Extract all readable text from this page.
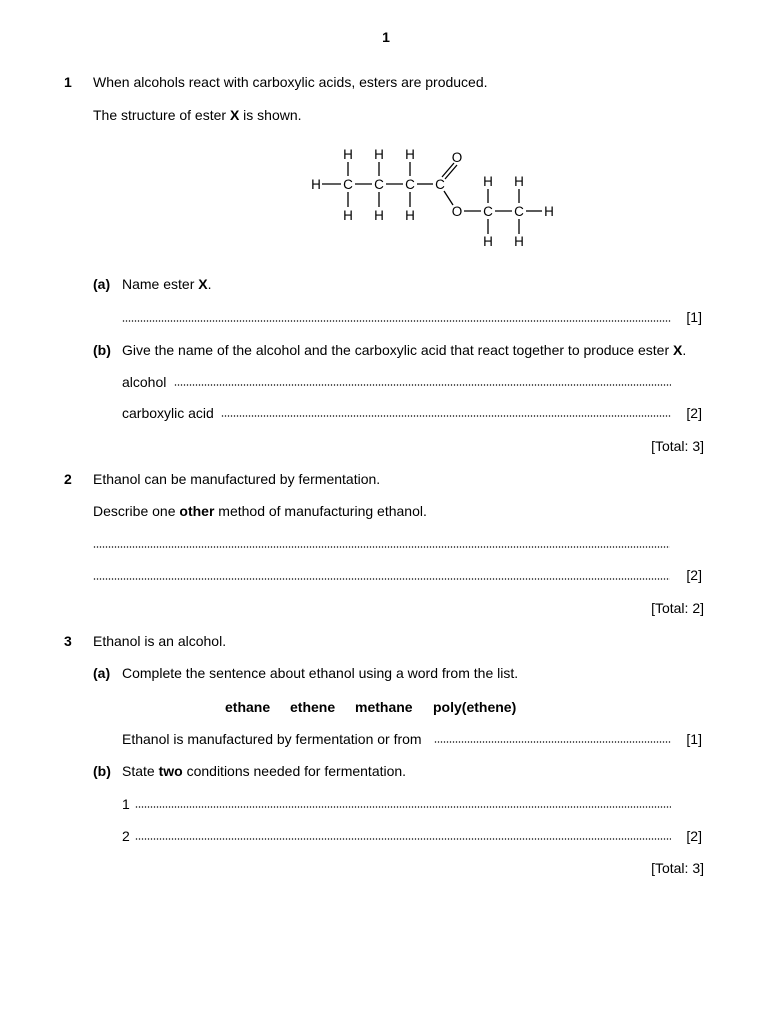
1
1 When alcohols react with carboxylic acids, esters are produced.
The structure of ester X is shown.
H H H	O
H C C C C
H H H
H H
O C C H
H H
(a) Name ester X.
[1]
(b) Give the name of the alcohol and the carboxylic acid that react together to produce ester X.
alcohol
carboxylic acid	[2]
[Total: 3]
2 Ethanol can be manufactured by fermentation.
Describe one other method of manufacturing ethanol.
[2]
[Total: 2]
3 Ethanol is an alcohol.
(a) Complete the sentence about ethanol using a word from the list.
ethane ethene methane poly(ethene)
Ethanol is manufactured by fermentation or from	[1]
(b) State two conditions needed for fermentation.
1
2	[2]
[Total: 3]
